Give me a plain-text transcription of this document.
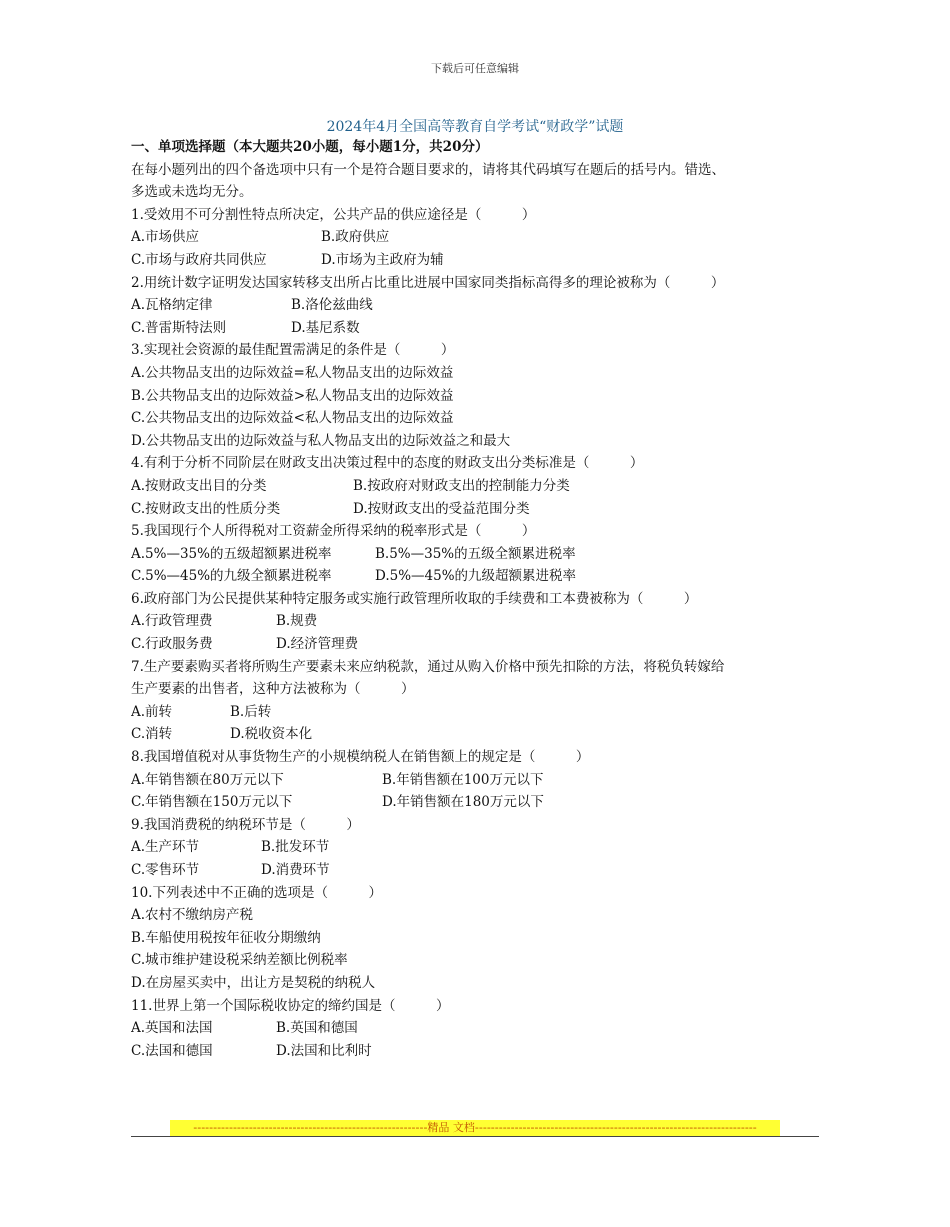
下载后可任意编辑
2024年4月全国高等教育自学考试“财政学”试题
一、单项选择题（本大题共20小题，每小题1分，共20分）
在每小题列出的四个备选项中只有一个是符合题目要求的，请将其代码填写在题后的括号内。错选、
多选或未选均无分。
1.受效用不可分割性特点所决定，公共产品的供应途径是（　　　）
A.市场供应	B.政府供应
C.市场与政府共同供应	D.市场为主政府为辅
2.用统计数字证明发达国家转移支出所占比重比进展中国家同类指标高得多的理论被称为（　　　）
A.瓦格纳定律	B.洛伦兹曲线
C.普雷斯特法则	D.基尼系数
3.实现社会资源的最佳配置需满足的条件是（　　　）
A.公共物品支出的边际效益=私人物品支出的边际效益
B.公共物品支出的边际效益>私人物品支出的边际效益
C.公共物品支出的边际效益<私人物品支出的边际效益
D.公共物品支出的边际效益与私人物品支出的边际效益之和最大
4.有利于分析不同阶层在财政支出决策过程中的态度的财政支出分类标准是（　　　）
A.按财政支出目的分类	B.按政府对财政支出的控制能力分类
C.按财政支出的性质分类	D.按财政支出的受益范围分类
5.我国现行个人所得税对工资薪金所得采纳的税率形式是（　　　）
A.5%—35%的五级超额累进税率	B.5%—35%的五级全额累进税率
C.5%—45%的九级全额累进税率	D.5%—45%的九级超额累进税率
6.政府部门为公民提供某种特定服务或实施行政管理所收取的手续费和工本费被称为（　　　）
A.行政管理费	B.规费
C.行政服务费	D.经济管理费
7.生产要素购买者将所购生产要素未来应纳税款，通过从购入价格中预先扣除的方法，将税负转嫁给
生产要素的出售者，这种方法被称为（　　　）
A.前转	B.后转
C.消转	D.税收资本化
8.我国增值税对从事货物生产的小规模纳税人在销售额上的规定是（　　　）
A.年销售额在80万元以下	B.年销售额在100万元以下
C.年销售额在150万元以下	D.年销售额在180万元以下
9.我国消费税的纳税环节是（　　　）
A.生产环节	B.批发环节
C.零售环节	D.消费环节
10.下列表述中不正确的选项是（　　　）
A.农村不缴纳房产税
B.车船使用税按年征收分期缴纳
C.城市维护建设税采纳差额比例税率
D.在房屋买卖中，出让方是契税的纳税人
11.世界上第一个国际税收协定的缔约国是（　　　）
A.英国和法国	B.英国和德国
C.法国和德国	D.法国和比利时
-----------------------------------------------------------精品 文档-----------------------------------------------------------------------
